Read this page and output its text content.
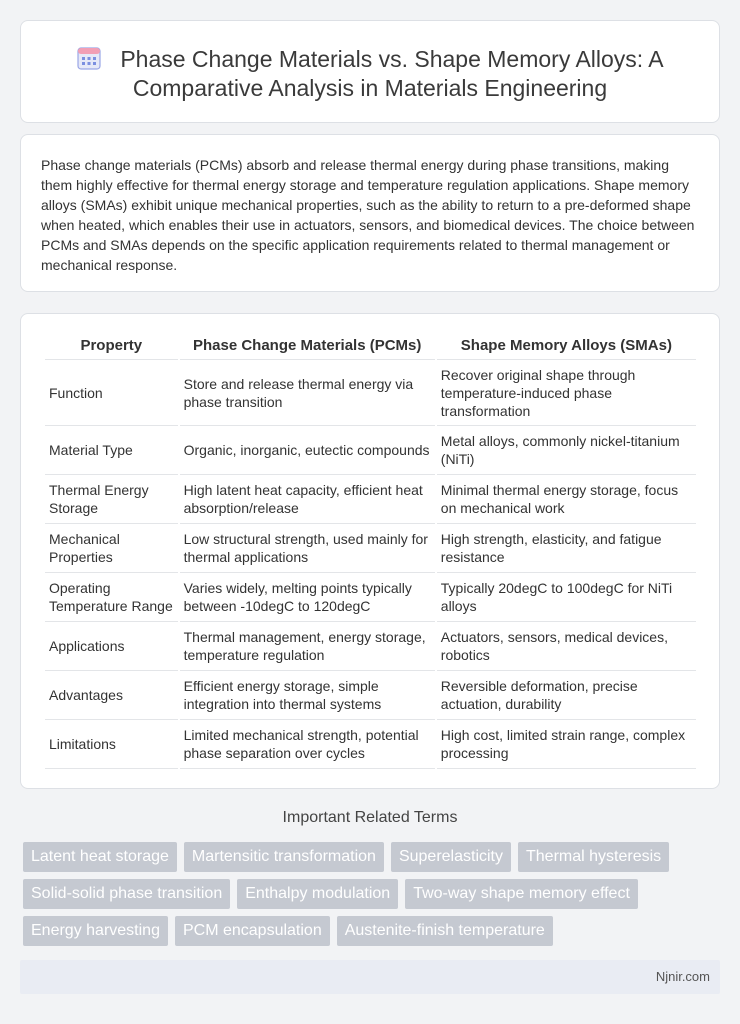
Phase Change Materials vs. Shape Memory Alloys: A Comparative Analysis in Materials Engineering

Phase change materials (PCMs) absorb and release thermal energy during phase transitions, making them highly effective for thermal energy storage and temperature regulation applications. Shape memory alloys (SMAs) exhibit unique mechanical properties, such as the ability to return to a pre-deformed shape when heated, which enables their use in actuators, sensors, and biomedical devices. The choice between PCMs and SMAs depends on the specific application requirements related to thermal management or mechanical response.

Property	Phase Change Materials (PCMs)	Shape Memory Alloys (SMAs)
Function	Store and release thermal energy via phase transition	Recover original shape through temperature-induced phase transformation
Material Type	Organic, inorganic, eutectic compounds	Metal alloys, commonly nickel-titanium (NiTi)
Thermal Energy Storage	High latent heat capacity, efficient heat absorption/release	Minimal thermal energy storage, focus on mechanical work
Mechanical Properties	Low structural strength, used mainly for thermal applications	High strength, elasticity, and fatigue resistance
Operating Temperature Range	Varies widely, melting points typically between -10degC to 120degC	Typically 20degC to 100degC for NiTi alloys
Applications	Thermal management, energy storage, temperature regulation	Actuators, sensors, medical devices, robotics
Advantages	Efficient energy storage, simple integration into thermal systems	Reversible deformation, precise actuation, durability
Limitations	Limited mechanical strength, potential phase separation over cycles	High cost, limited strain range, complex processing
Important Related Terms
Latent heat storage	Martensitic transformation	Superelasticity	Thermal hysteresis
Solid-solid phase transition	Enthalpy modulation	Two-way shape memory effect
Energy harvesting	PCM encapsulation	Austenite-finish temperature
Njnir.com
